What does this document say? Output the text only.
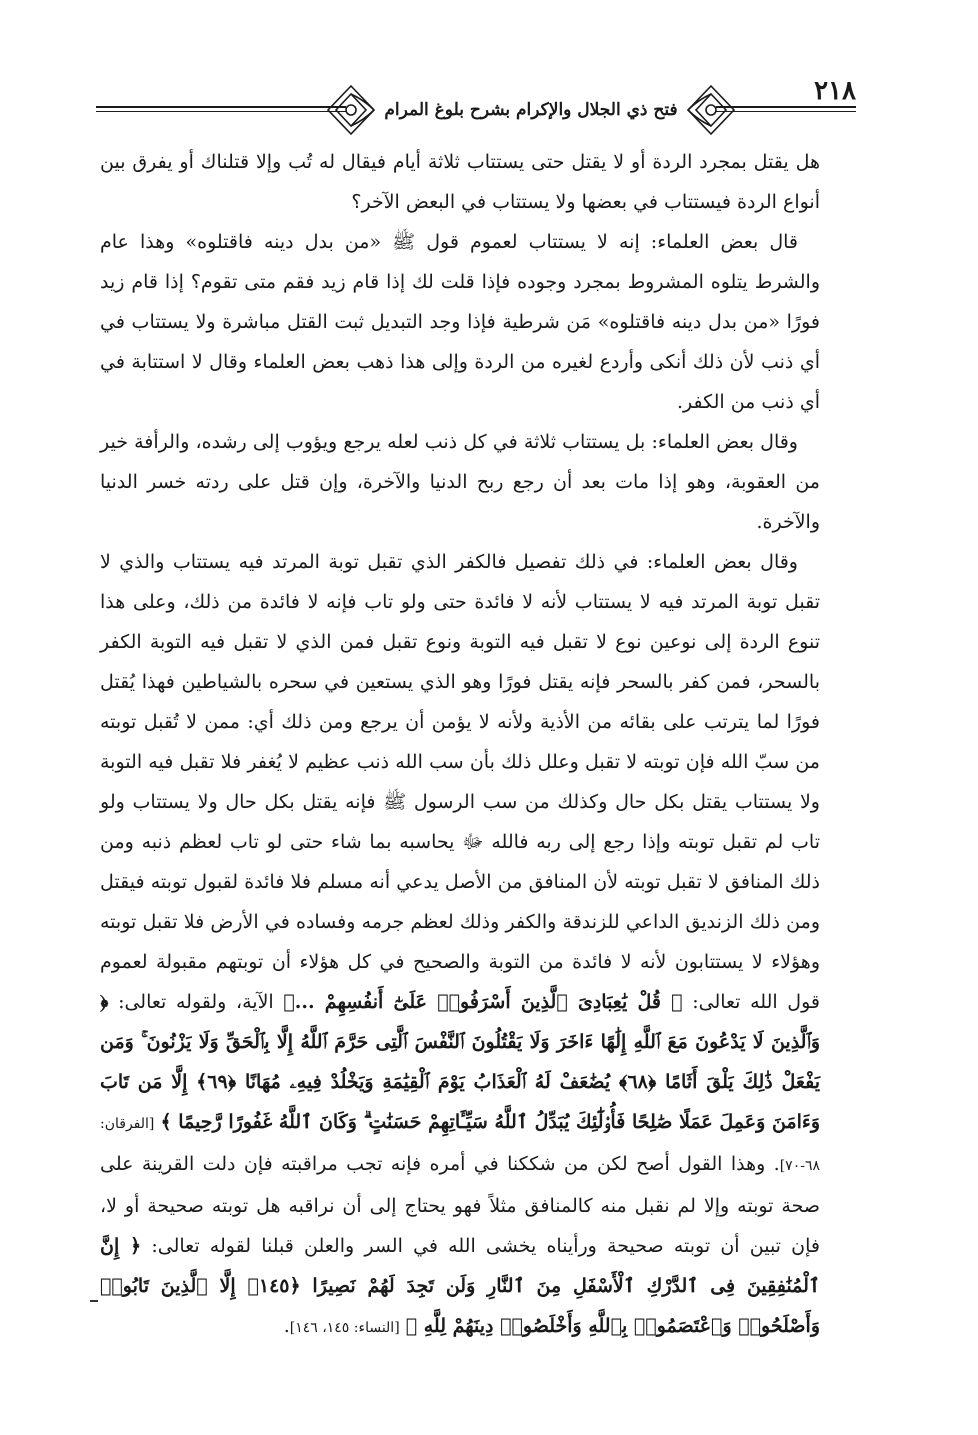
٢١٨
فتح ذي الجلال والإكرام بشرح بلوغ المرام

هل يقتل بمجرد الردة أو لا يقتل حتى يستتاب ثلاثة أيام فيقال له تُب وإلا قتلناك أو يفرق بين أنواع الردة فيستتاب في بعضها ولا يستتاب في البعض الآخر؟

قال بعض العلماء: إنه لا يستتاب لعموم قول ﷺ «من بدل دينه فاقتلوه» وهذا عام والشرط يتلوه المشروط بمجرد وجوده فإذا قلت لك إذا قام زيد فقم متى تقوم؟ إذا قام زيد فورًا «من بدل دينه فاقتلوه» مَن شرطية فإذا وجد التبديل ثبت القتل مباشرة ولا يستتاب في أي ذنب لأن ذلك أنكى وأردع لغيره من الردة وإلى هذا ذهب بعض العلماء وقال لا استتابة في أي ذنب من الكفر.

وقال بعض العلماء: بل يستتاب ثلاثة في كل ذنب لعله يرجع ويؤوب إلى رشده، والرأفة خير من العقوبة، وهو إذا مات بعد أن رجع ربح الدنيا والآخرة، وإن قتل على ردته خسر الدنيا والآخرة.

وقال بعض العلماء: في ذلك تفصيل فالكفر الذي تقبل توبة المرتد فيه يستتاب والذي لا تقبل توبة المرتد فيه لا يستتاب لأنه لا فائدة حتى ولو تاب فإنه لا فائدة من ذلك، وعلى هذا تنوع الردة إلى نوعين نوع لا تقبل فيه التوبة ونوع تقبل فمن الذي لا تقبل فيه التوبة الكفر بالسحر، فمن كفر بالسحر فإنه يقتل فورًا وهو الذي يستعين في سحره بالشياطين فهذا يُقتل فورًا لما يترتب على بقائه من الأذية ولأنه لا يؤمن أن يرجع ومن ذلك أي: ممن لا تُقبل توبته من سبّ الله فإن توبته لا تقبل وعلل ذلك بأن سب الله ذنب عظيم لا يُغفر فلا تقبل فيه التوبة ولا يستتاب يقتل بكل حال وكذلك من سب الرسول ﷺ فإنه يقتل بكل حال ولا يستتاب ولو تاب لم تقبل توبته وإذا رجع إلى ربه فالله ﷻ يحاسبه بما شاء حتى لو تاب لعظم ذنبه ومن ذلك المنافق لا تقبل توبته لأن المنافق من الأصل يدعي أنه مسلم فلا فائدة لقبول توبته فيقتل ومن ذلك الزنديق الداعي للزندقة والكفر وذلك لعظم جرمه وفساده في الأرض فلا تقبل توبته وهؤلاء لا يستتابون لأنه لا فائدة من التوبة والصحيح في كل هؤلاء أن توبتهم مقبولة لعموم قول الله تعالى: ﴿ قُلْ يَٰعِبَادِىَ ٱلَّذِينَ أَسْرَفُوا۟ عَلَىٰٓ أَنفُسِهِمْ ...﴾ الآية، ولقوله تعالى: ﴿ وَٱلَّذِينَ لَا يَدْعُونَ مَعَ ٱللَّهِ إِلَٰهًا ءَاخَرَ وَلَا يَقْتُلُونَ ٱلنَّفْسَ ٱلَّتِى حَرَّمَ ٱللَّهُ إِلَّا بِٱلْحَقِّ وَلَا يَزْنُونَ ۚ وَمَن يَفْعَلْ ذَٰلِكَ يَلْقَ أَثَامًا ﴿٦٨﴾ يُضَٰعَفْ لَهُ ٱلْعَذَابُ يَوْمَ ٱلْقِيَٰمَةِ وَيَخْلُدْ فِيهِۦ مُهَانًا ﴿٦٩﴾ إِلَّا مَن تَابَ وَءَامَنَ وَعَمِلَ عَمَلًا صَٰلِحًا فَأُو۟لَٰٓئِكَ يُبَدِّلُ ٱللَّهُ سَيِّـَٔاتِهِمْ حَسَنَٰتٍ ۗ وَكَانَ ٱللَّهُ غَفُورًا رَّحِيمًا ﴾ [الفرقان: ٦٨-٧٠]. وهذا القول أصح لكن من شككنا في أمره فإنه تجب مراقبته فإن دلت القرينة على صحة توبته وإلا لم نقبل منه كالمنافق مثلاً فهو يحتاج إلى أن نراقبه هل توبته صحيحة أو لا، فإن تبين أن توبته صحيحة ورأيناه يخشى الله في السر والعلن قبلنا لقوله تعالى: ﴿ إِنَّ ٱلْمُنَٰفِقِينَ فِى ٱلدَّرْكِ ٱلْأَسْفَلِ مِنَ ٱلنَّارِ وَلَن تَجِدَ لَهُمْ نَصِيرًا ﴿١٤٥﴾ إِلَّا ٱلَّذِينَ تَابُوا۟ وَأَصْلَحُوا۟ وَٱعْتَصَمُوا۟ بِٱللَّهِ وَأَخْلَصُوا۟ دِينَهُمْ لِلَّهِ ﴾ [النساء: ١٤٥، ١٤٦].
